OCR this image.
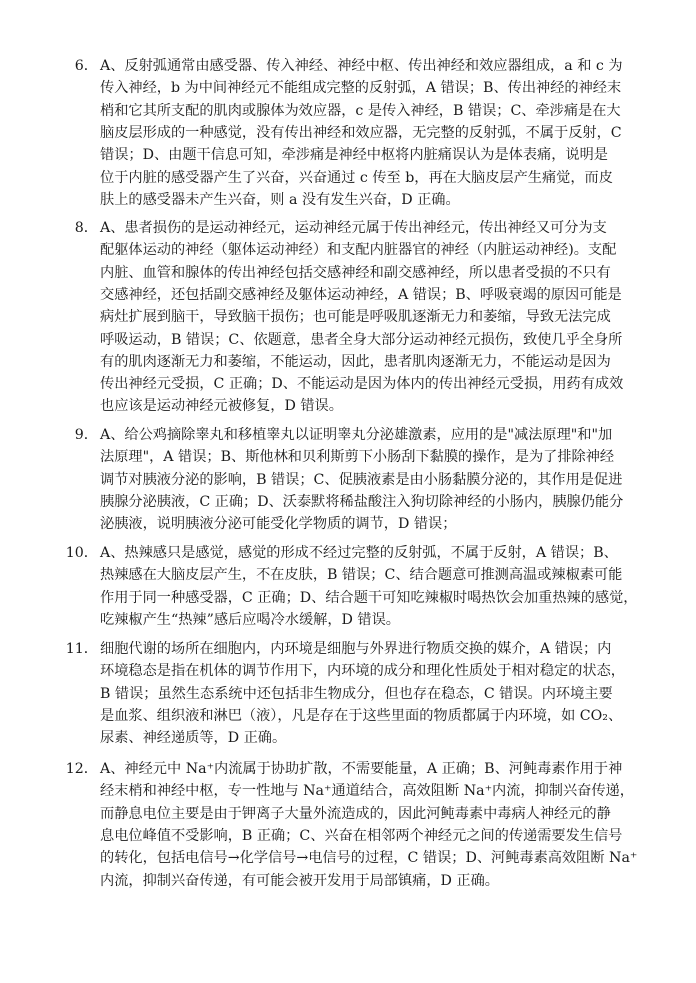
6． A、反射弧通常由感受器、传入神经、神经中枢、传出神经和效应器组成，a 和 c 为
传入神经，b 为中间神经元不能组成完整的反射弧，A 错误；B、传出神经的神经末
梢和它其所支配的肌肉或腺体为效应器，c 是传入神经，B 错误；C、牵涉痛是在大
脑皮层形成的一种感觉，没有传出神经和效应器，无完整的反射弧，不属于反射，C
错误；D、由题干信息可知，牵涉痛是神经中枢将内脏痛误认为是体表痛，说明是
位于内脏的感受器产生了兴奋，兴奋通过 c 传至 b，再在大脑皮层产生痛觉，而皮
肤上的感受器未产生兴奋，则 a 没有发生兴奋，D 正确。
8． A、患者损伤的是运动神经元，运动神经元属于传出神经元，传出神经又可分为支
配躯体运动的神经（躯体运动神经）和支配内脏器官的神经（内脏运动神经)。支配
内脏、血管和腺体的传出神经包括交感神经和副交感神经，所以患者受损的不只有
交感神经，还包括副交感神经及躯体运动神经，A 错误；B、呼吸衰竭的原因可能是
病灶扩展到脑干，导致脑干损伤；也可能是呼吸肌逐渐无力和萎缩，导致无法完成
呼吸运动，B 错误；C、依题意，患者全身大部分运动神经元损伤，致使几乎全身所
有的肌肉逐渐无力和萎缩，不能运动，因此，患者肌肉逐渐无力，不能运动是因为
传出神经元受损，C 正确；D、不能运动是因为体内的传出神经元受损，用药有成效
也应该是运动神经元被修复，D 错误。
9． A、给公鸡摘除睾丸和移植睾丸以证明睾丸分泌雄激素，应用的是"减法原理"和"加
法原理"，A 错误；B、斯他林和贝利斯剪下小肠刮下黏膜的操作，是为了排除神经
调节对胰液分泌的影响，B 错误；C、促胰液素是由小肠黏膜分泌的，其作用是促进
胰腺分泌胰液，C 正确；D、沃泰默将稀盐酸注入狗切除神经的小肠内，胰腺仍能分
泌胰液，说明胰液分泌可能受化学物质的调节，D 错误；
10． A、热辣感只是感觉，感觉的形成不经过完整的反射弧，不属于反射，A 错误；B、
热辣感在大脑皮层产生，不在皮肤，B 错误；C、结合题意可推测高温或辣椒素可能
作用于同一种感受器，C 正确；D、结合题干可知吃辣椒时喝热饮会加重热辣的感觉，
吃辣椒产生“热辣”感后应喝冷水缓解，D 错误。
11． 细胞代谢的场所在细胞内，内环境是细胞与外界进行物质交换的媒介，A 错误；内
环境稳态是指在机体的调节作用下，内环境的成分和理化性质处于相对稳定的状态，
B 错误；虽然生态系统中还包括非生物成分，但也存在稳态，C 错误。内环境主要
是血浆、组织液和淋巴（液），凡是存在于这些里面的物质都属于内环境，如 CO₂、
尿素、神经递质等，D 正确。
12． A、神经元中 Na⁺内流属于协助扩散，不需要能量，A 正确；B、河鲀毒素作用于神
经末梢和神经中枢，专一性地与 Na⁺通道结合，高效阻断 Na⁺内流，抑制兴奋传递，
而静息电位主要是由于钾离子大量外流造成的，因此河鲀毒素中毒病人神经元的静
息电位峰值不受影响，B 正确；C、兴奋在相邻两个神经元之间的传递需要发生信号
的转化，包括电信号→化学信号→电信号的过程，C 错误；D、河鲀毒素高效阻断 Na⁺
内流，抑制兴奋传递，有可能会被开发用于局部镇痛，D 正确。
